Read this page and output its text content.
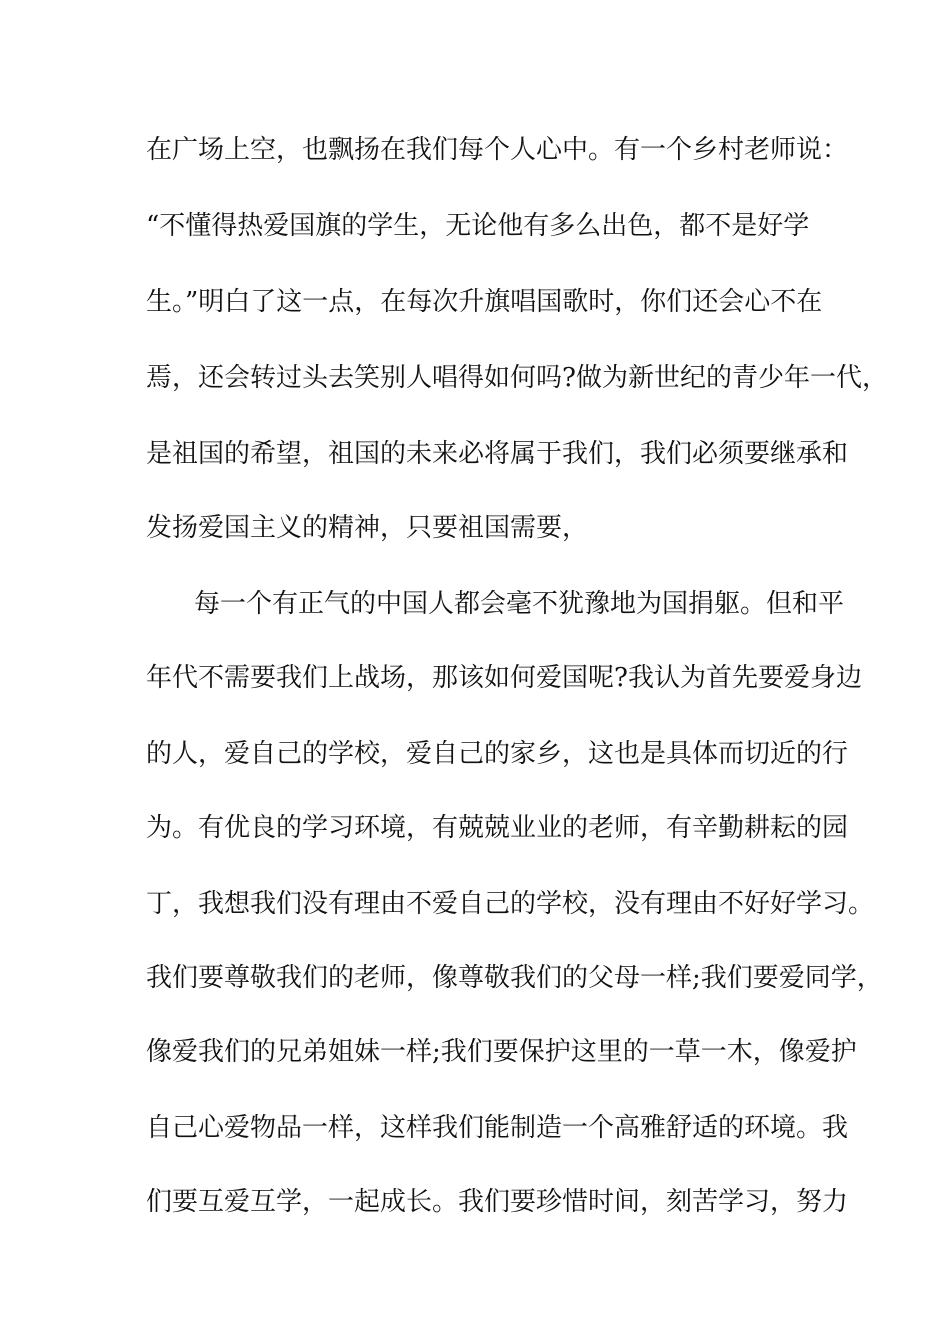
在广场上空，也飘扬在我们每个人心中。有一个乡村老师说：
“不懂得热爱国旗的学生，无论他有多么出色，都不是好学
生。”明白了这一点，在每次升旗唱国歌时，你们还会心不在
焉，还会转过头去笑别人唱得如何吗?做为新世纪的青少年一代，
是祖国的希望，祖国的未来必将属于我们，我们必须要继承和
发扬爱国主义的精神，只要祖国需要，
每一个有正气的中国人都会毫不犹豫地为国捐躯。但和平
年代不需要我们上战场，那该如何爱国呢?我认为首先要爱身边
的人，爱自己的学校，爱自己的家乡，这也是具体而切近的行
为。有优良的学习环境，有兢兢业业的老师，有辛勤耕耘的园
丁，我想我们没有理由不爱自己的学校，没有理由不好好学习。
我们要尊敬我们的老师，像尊敬我们的父母一样;我们要爱同学，
像爱我们的兄弟姐妹一样;我们要保护这里的一草一木，像爱护
自己心爱物品一样，这样我们能制造一个高雅舒适的环境。我
们要互爱互学，一起成长。我们要珍惜时间，刻苦学习，努力
